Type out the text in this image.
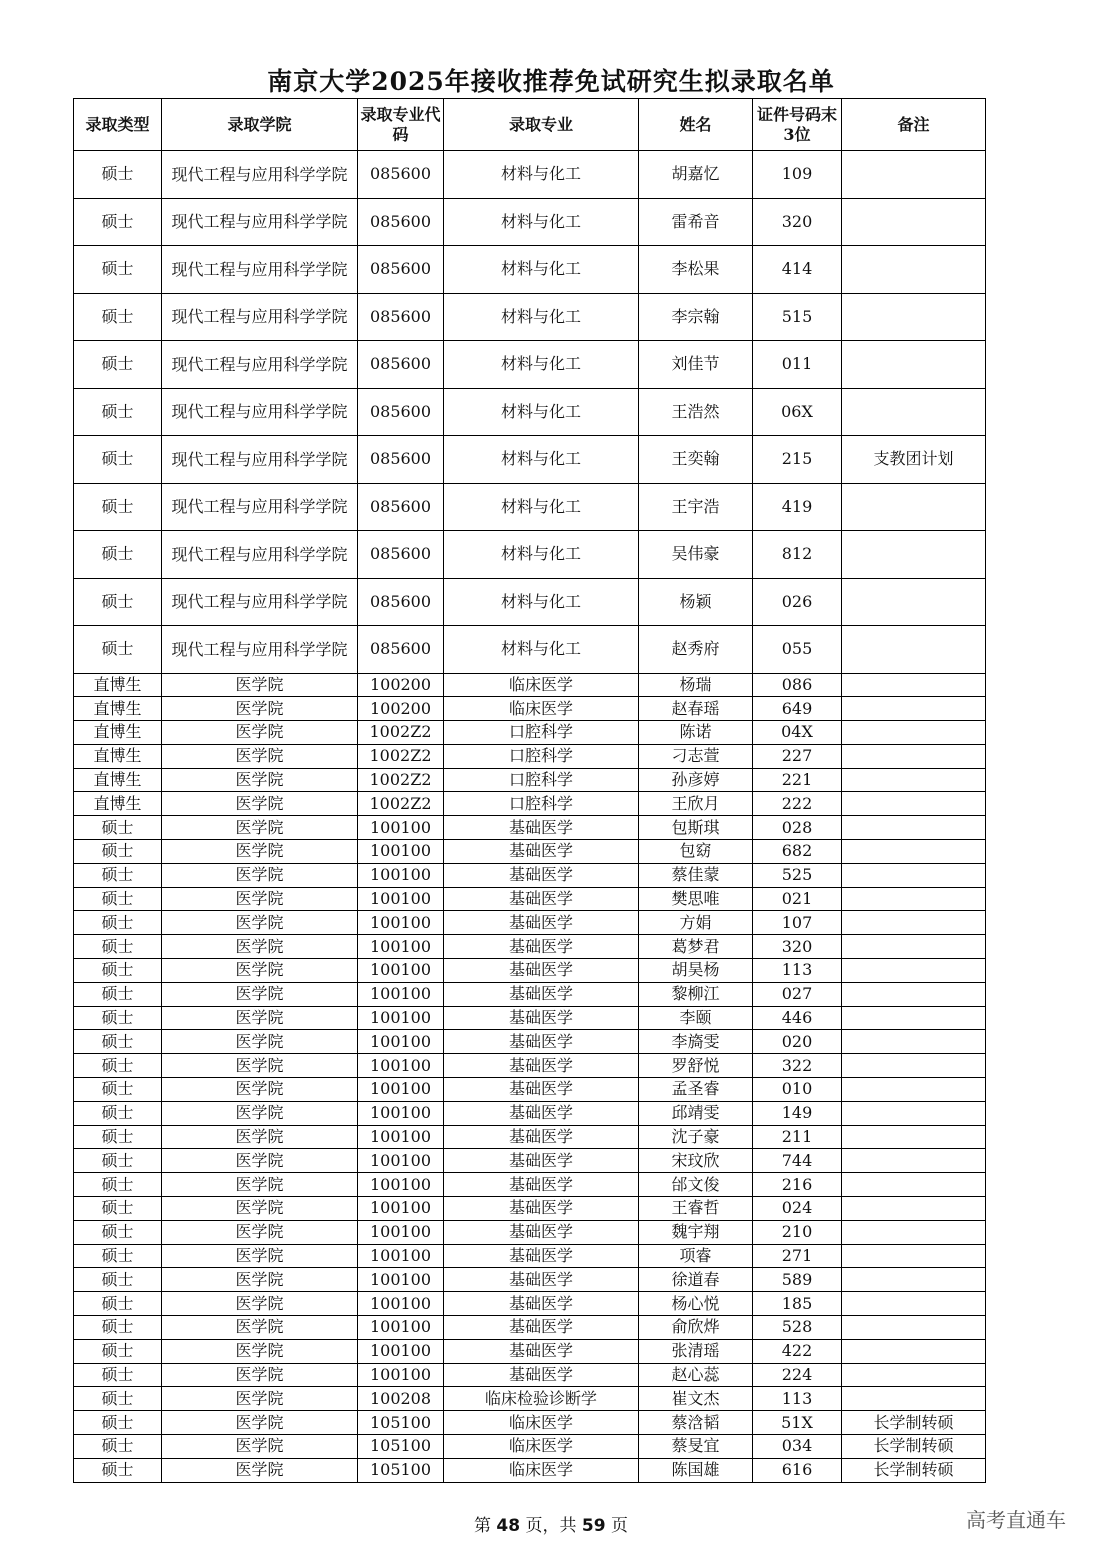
南京大学2025年接收推荐免试研究生拟录取名单
录取类型	录取学院	录取专业代码	录取专业	姓名	证件号码末3位	备注
硕士	现代工程与应用科学学院	085600	材料与化工	胡嘉忆	109	
硕士	现代工程与应用科学学院	085600	材料与化工	雷希音	320	
硕士	现代工程与应用科学学院	085600	材料与化工	李松果	414	
硕士	现代工程与应用科学学院	085600	材料与化工	李宗翰	515	
硕士	现代工程与应用科学学院	085600	材料与化工	刘佳节	011	
硕士	现代工程与应用科学学院	085600	材料与化工	王浩然	06X	
硕士	现代工程与应用科学学院	085600	材料与化工	王奕翰	215	支教团计划
硕士	现代工程与应用科学学院	085600	材料与化工	王宇浩	419	
硕士	现代工程与应用科学学院	085600	材料与化工	吴伟豪	812	
硕士	现代工程与应用科学学院	085600	材料与化工	杨颖	026	
硕士	现代工程与应用科学学院	085600	材料与化工	赵秀府	055	
直博生	医学院	100200	临床医学	杨瑞	086	
直博生	医学院	100200	临床医学	赵春瑶	649	
直博生	医学院	1002Z2	口腔科学	陈诺	04X	
直博生	医学院	1002Z2	口腔科学	刁志萱	227	
直博生	医学院	1002Z2	口腔科学	孙彦婷	221	
直博生	医学院	1002Z2	口腔科学	王欣月	222	
硕士	医学院	100100	基础医学	包斯琪	028	
硕士	医学院	100100	基础医学	包窈	682	
硕士	医学院	100100	基础医学	蔡佳蒙	525	
硕士	医学院	100100	基础医学	樊思唯	021	
硕士	医学院	100100	基础医学	方娟	107	
硕士	医学院	100100	基础医学	葛梦君	320	
硕士	医学院	100100	基础医学	胡昊杨	113	
硕士	医学院	100100	基础医学	黎柳江	027	
硕士	医学院	100100	基础医学	李颐	446	
硕士	医学院	100100	基础医学	李旖雯	020	
硕士	医学院	100100	基础医学	罗舒悦	322	
硕士	医学院	100100	基础医学	孟圣睿	010	
硕士	医学院	100100	基础医学	邱靖雯	149	
硕士	医学院	100100	基础医学	沈子豪	211	
硕士	医学院	100100	基础医学	宋玟欣	744	
硕士	医学院	100100	基础医学	邰文俊	216	
硕士	医学院	100100	基础医学	王睿哲	024	
硕士	医学院	100100	基础医学	魏宇翔	210	
硕士	医学院	100100	基础医学	项睿	271	
硕士	医学院	100100	基础医学	徐道春	589	
硕士	医学院	100100	基础医学	杨心悦	185	
硕士	医学院	100100	基础医学	俞欣烨	528	
硕士	医学院	100100	基础医学	张清瑶	422	
硕士	医学院	100100	基础医学	赵心蕊	224	
硕士	医学院	100208	临床检验诊断学	崔文杰	113	
硕士	医学院	105100	临床医学	蔡浛韬	51X	长学制转硕
硕士	医学院	105100	临床医学	蔡旻宜	034	长学制转硕
硕士	医学院	105100	临床医学	陈国雄	616	长学制转硕
第 48 页，共 59 页	高考直通车
